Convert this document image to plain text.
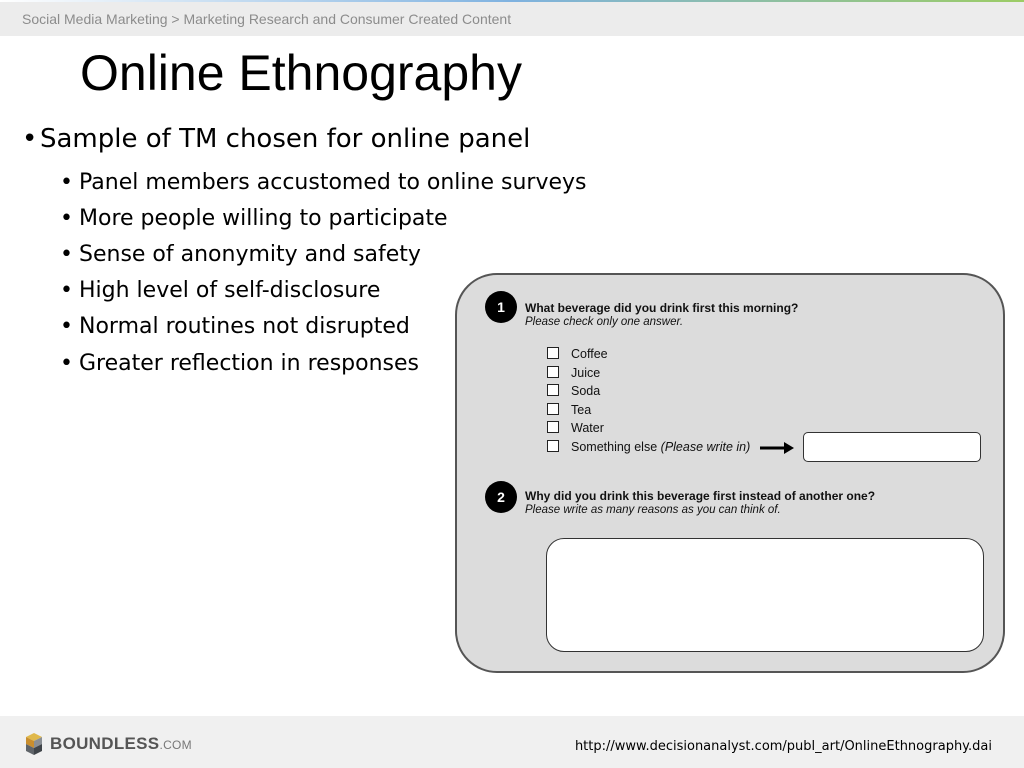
Social Media Marketing > Marketing Research and Consumer Created Content
Online Ethnography
• Sample of TM chosen for online panel
• Panel members accustomed to online surveys
• More people willing to participate
• Sense of anonymity and safety
• High level of self-disclosure
• Normal routines not disrupted
• Greater reflection in responses
1	What beverage did you drink first this morning?
Please check only one answer.
Coffee
Juice
Soda
Tea
Water
Something else (Please write in)
2	Why did you drink this beverage first instead of another one?
Please write as many reasons as you can think of.
BOUNDLESS.COM	http://www.decisionanalyst.com/publ_art/OnlineEthnography.dai
